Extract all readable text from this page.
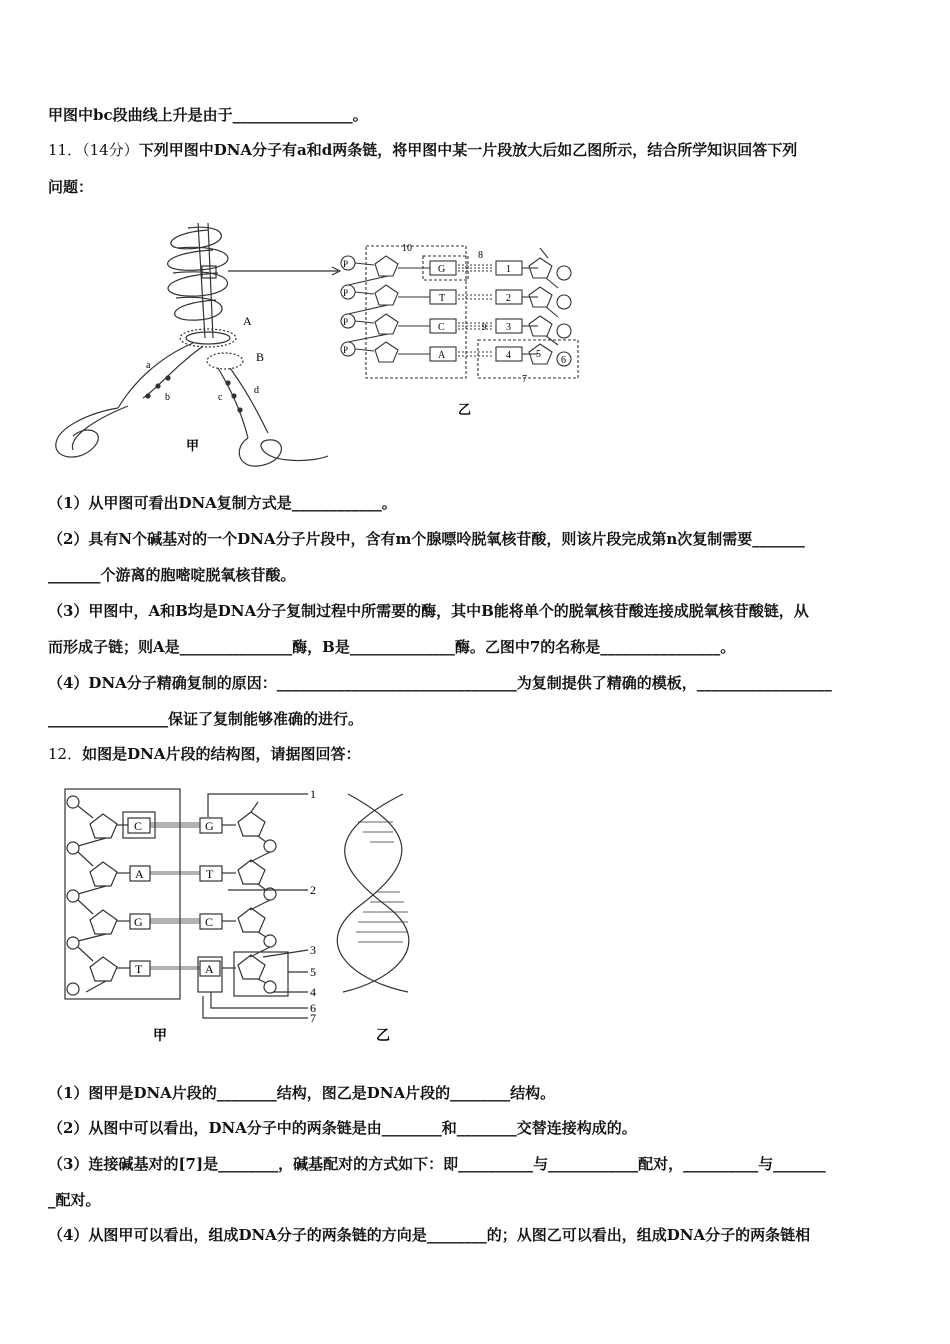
甲图中bc段曲线上升是由于________________。
11．（14分）下列甲图中DNA分子有a和d两条链，将甲图中某一片段放大后如乙图所示，结合所学知识回答下列
问题：
A
B
a
b	c
d
甲
P
P
P
P
G
T
C
A
1
2
3
4	5
6
7
8
9
10
乙
（1）从甲图可看出DNA复制方式是____________。
（2）具有N个碱基对的一个DNA分子片段中，含有m个腺嘌呤脱氧核苷酸，则该片段完成第n次复制需要_______
_______个游离的胞嘧啶脱氧核苷酸。
（3）甲图中，A和B均是DNA分子复制过程中所需要的酶，其中B能将单个的脱氧核苷酸连接成脱氧核苷酸链，从
而形成子链；则A是_______________酶，B是______________酶。乙图中7的名称是________________。
（4）DNA分子精确复制的原因：________________________________为复制提供了精确的模板，__________________
________________保证了复制能够准确的进行。
12．如图是DNA片段的结构图，请据图回答：
C
A
G
T
G
T
C
A
1
2
3
4
5
6
7
甲	乙
（1）图甲是DNA片段的________结构，图乙是DNA片段的________结构。
（2）从图中可以看出，DNA分子中的两条链是由________和________交替连接构成的。
（3）连接碱基对的[7]是________，碱基配对的方式如下：即__________与____________配对，__________与_______
_配对。
（4）从图甲可以看出，组成DNA分子的两条链的方向是________的；从图乙可以看出，组成DNA分子的两条链相
